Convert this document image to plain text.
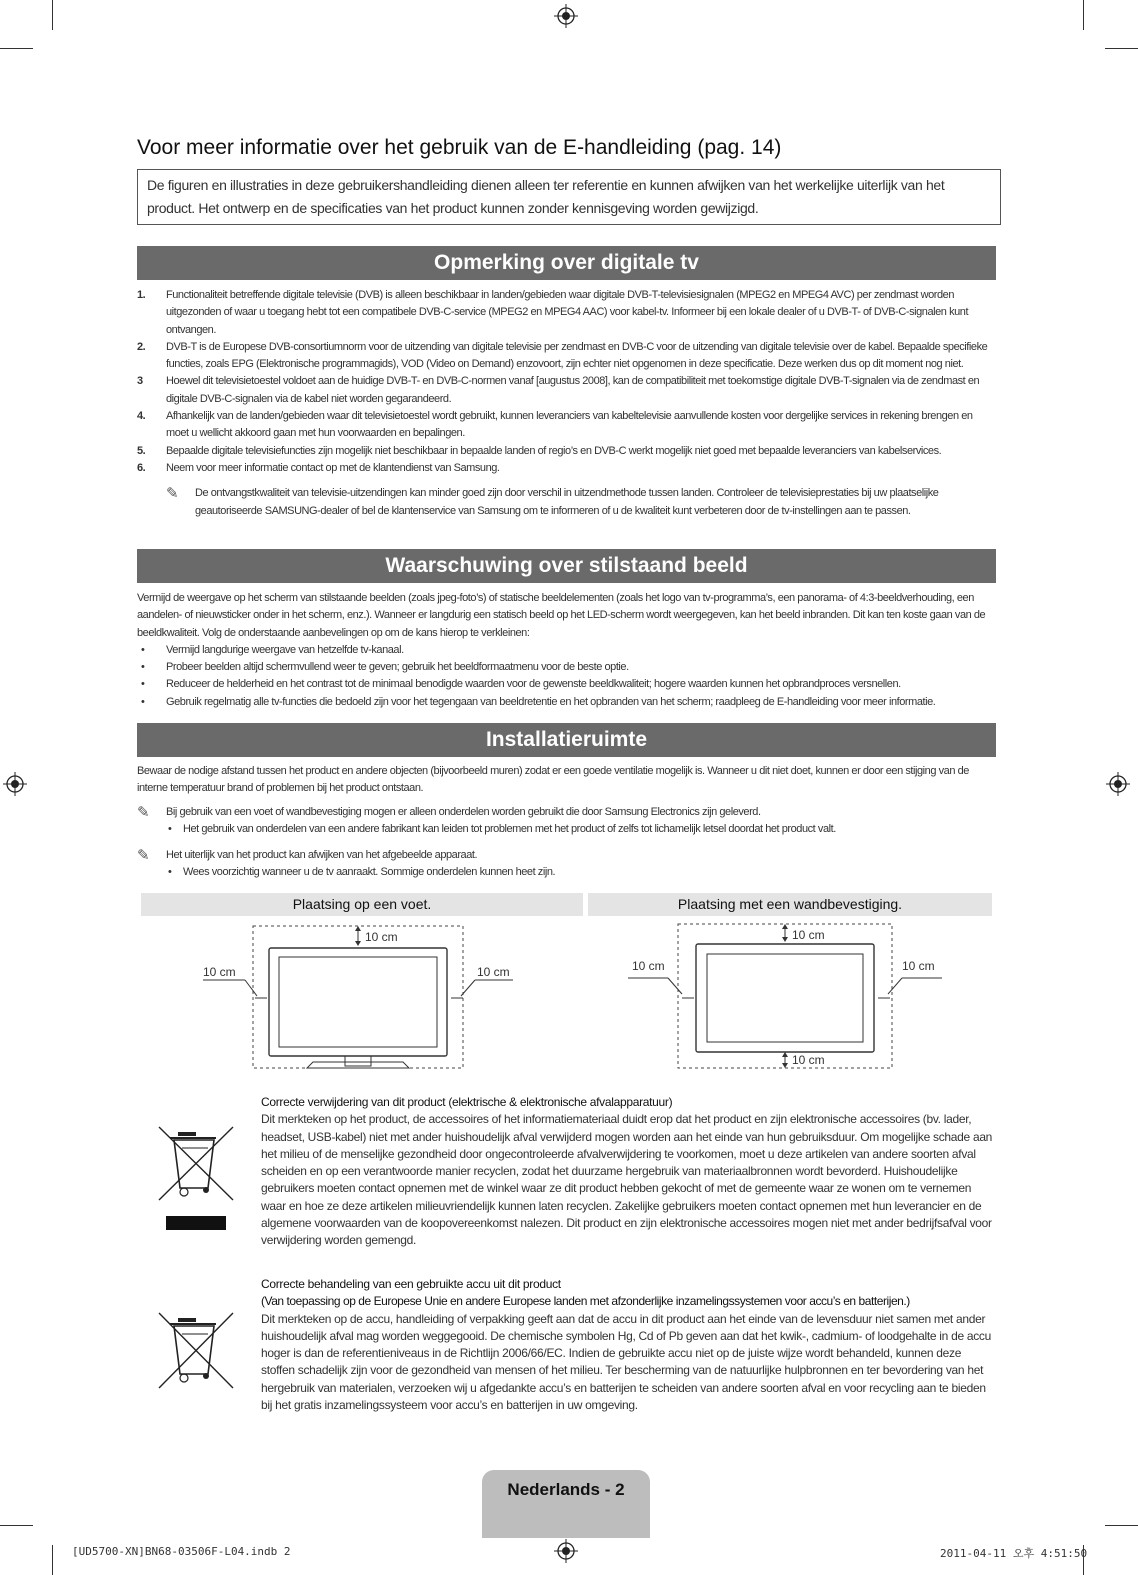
Voor meer informatie over het gebruik van de E-handleiding (pag. 14)
De figuren en illustraties in deze gebruikershandleiding dienen alleen ter referentie en kunnen afwijken van het werkelijke uiterlijk van het product. Het ontwerp en de specificaties van het product kunnen zonder kennisgeving worden gewijzigd.
Opmerking over digitale tv
1. Functionaliteit betreffende digitale televisie (DVB) is alleen beschikbaar in landen/gebieden waar digitale DVB-T-televisiesignalen (MPEG2 en MPEG4 AVC) per zendmast worden uitgezonden of waar u toegang hebt tot een compatibele DVB-C-service (MPEG2 en MPEG4 AAC) voor kabel-tv. Informeer bij een lokale dealer of u DVB-T- of DVB-C-signalen kunt ontvangen.
2. DVB-T is de Europese DVB-consortiumnorm voor de uitzending van digitale televisie per zendmast en DVB-C voor de uitzending van digitale televisie over de kabel. Bepaalde specifieke functies, zoals EPG (Elektronische programmagids), VOD (Video on Demand) enzovoort, zijn echter niet opgenomen in deze specificatie. Deze werken dus op dit moment nog niet.
3 Hoewel dit televisietoestel voldoet aan de huidige DVB-T- en DVB-C-normen vanaf [augustus 2008], kan de compatibiliteit met toekomstige digitale DVB-T-signalen via de zendmast en digitale DVB-C-signalen via de kabel niet worden gegarandeerd.
4. Afhankelijk van de landen/gebieden waar dit televisietoestel wordt gebruikt, kunnen leveranciers van kabeltelevisie aanvullende kosten voor dergelijke services in rekening brengen en moet u wellicht akkoord gaan met hun voorwaarden en bepalingen.
5. Bepaalde digitale televisiefuncties zijn mogelijk niet beschikbaar in bepaalde landen of regio’s en DVB-C werkt mogelijk niet goed met bepaalde leveranciers van kabelservices.
6. Neem voor meer informatie contact op met de klantendienst van Samsung.
✎ De ontvangstkwaliteit van televisie-uitzendingen kan minder goed zijn door verschil in uitzendmethode tussen landen. Controleer de televisieprestaties bij uw plaatselijke geautoriseerde SAMSUNG-dealer of bel de klantenservice van Samsung om te informeren of u de kwaliteit kunt verbeteren door de tv-instellingen aan te passen.
Waarschuwing over stilstaand beeld
Vermijd de weergave op het scherm van stilstaande beelden (zoals jpeg-foto’s) of statische beeldelementen (zoals het logo van tv-programma’s, een panorama- of 4:3-beeldverhouding, een aandelen- of nieuwsticker onder in het scherm, enz.). Wanneer er langdurig een statisch beeld op het LED-scherm wordt weergegeven, kan het beeld inbranden. Dit kan ten koste gaan van de beeldkwaliteit. Volg de onderstaande aanbevelingen op om de kans hierop te verkleinen:
• Vermijd langdurige weergave van hetzelfde tv-kanaal.
• Probeer beelden altijd schermvullend weer te geven; gebruik het beeldformaatmenu voor de beste optie.
• Reduceer de helderheid en het contrast tot de minimaal benodigde waarden voor de gewenste beeldkwaliteit; hogere waarden kunnen het opbrandproces versnellen.
• Gebruik regelmatig alle tv-functies die bedoeld zijn voor het tegengaan van beeldretentie en het opbranden van het scherm; raadpleeg de E-handleiding voor meer informatie.
Installatieruimte
Bewaar de nodige afstand tussen het product en andere objecten (bijvoorbeeld muren) zodat er een goede ventilatie mogelijk is. Wanneer u dit niet doet, kunnen er door een stijging van de interne temperatuur brand of problemen bij het product ontstaan.
✎ Bij gebruik van een voet of wandbevestiging mogen er alleen onderdelen worden gebruikt die door Samsung Electronics zijn geleverd.
• Het gebruik van onderdelen van een andere fabrikant kan leiden tot problemen met het product of zelfs tot lichamelijk letsel doordat het product valt.
✎ Het uiterlijk van het product kan afwijken van het afgebeelde apparaat.
• Wees voorzichtig wanneer u de tv aanraakt. Sommige onderdelen kunnen heet zijn.
Plaatsing op een voet.	Plaatsing met een wandbevestiging.
10 cm
10 cm	10 cm
10 cm
10 cm	10 cm
10 cm
Correcte verwijdering van dit product (elektrische & elektronische afvalapparatuur)
Dit merkteken op het product, de accessoires of het informatiemateriaal duidt erop dat het product en zijn elektronische accessoires (bv. lader, headset, USB-kabel) niet met ander huishoudelijk afval verwijderd mogen worden aan het einde van hun gebruiksduur. Om mogelijke schade aan het milieu of de menselijke gezondheid door ongecontroleerde afvalverwijdering te voorkomen, moet u deze artikelen van andere soorten afval scheiden en op een verantwoorde manier recyclen, zodat het duurzame hergebruik van materiaalbronnen wordt bevorderd. Huishoudelijke gebruikers moeten contact opnemen met de winkel waar ze dit product hebben gekocht of met de gemeente waar ze wonen om te vernemen waar en hoe ze deze artikelen milieuvriendelijk kunnen laten recyclen. Zakelijke gebruikers moeten contact opnemen met hun leverancier en de algemene voorwaarden van de koopovereenkomst nalezen. Dit product en zijn elektronische accessoires mogen niet met ander bedrijfsafval voor verwijdering worden gemengd.
Correcte behandeling van een gebruikte accu uit dit product
(Van toepassing op de Europese Unie en andere Europese landen met afzonderlijke inzamelingssystemen voor accu’s en batterijen.)
Dit merkteken op de accu, handleiding of verpakking geeft aan dat de accu in dit product aan het einde van de levensduur niet samen met ander huishoudelijk afval mag worden weggegooid. De chemische symbolen Hg, Cd of Pb geven aan dat het kwik-, cadmium- of loodgehalte in de accu hoger is dan de referentieniveaus in de Richtlijn 2006/66/EC. Indien de gebruikte accu niet op de juiste wijze wordt behandeld, kunnen deze stoffen schadelijk zijn voor de gezondheid van mensen of het milieu. Ter bescherming van de natuurlijke hulpbronnen en ter bevordering van het hergebruik van materialen, verzoeken wij u afgedankte accu’s en batterijen te scheiden van andere soorten afval en voor recycling aan te bieden bij het gratis inzamelingssysteem voor accu’s en batterijen in uw omgeving.
Nederlands - 2
[UD5700-XN]BN68-03506F-L04.indb 2	2011-04-11 오후 4:51:50
